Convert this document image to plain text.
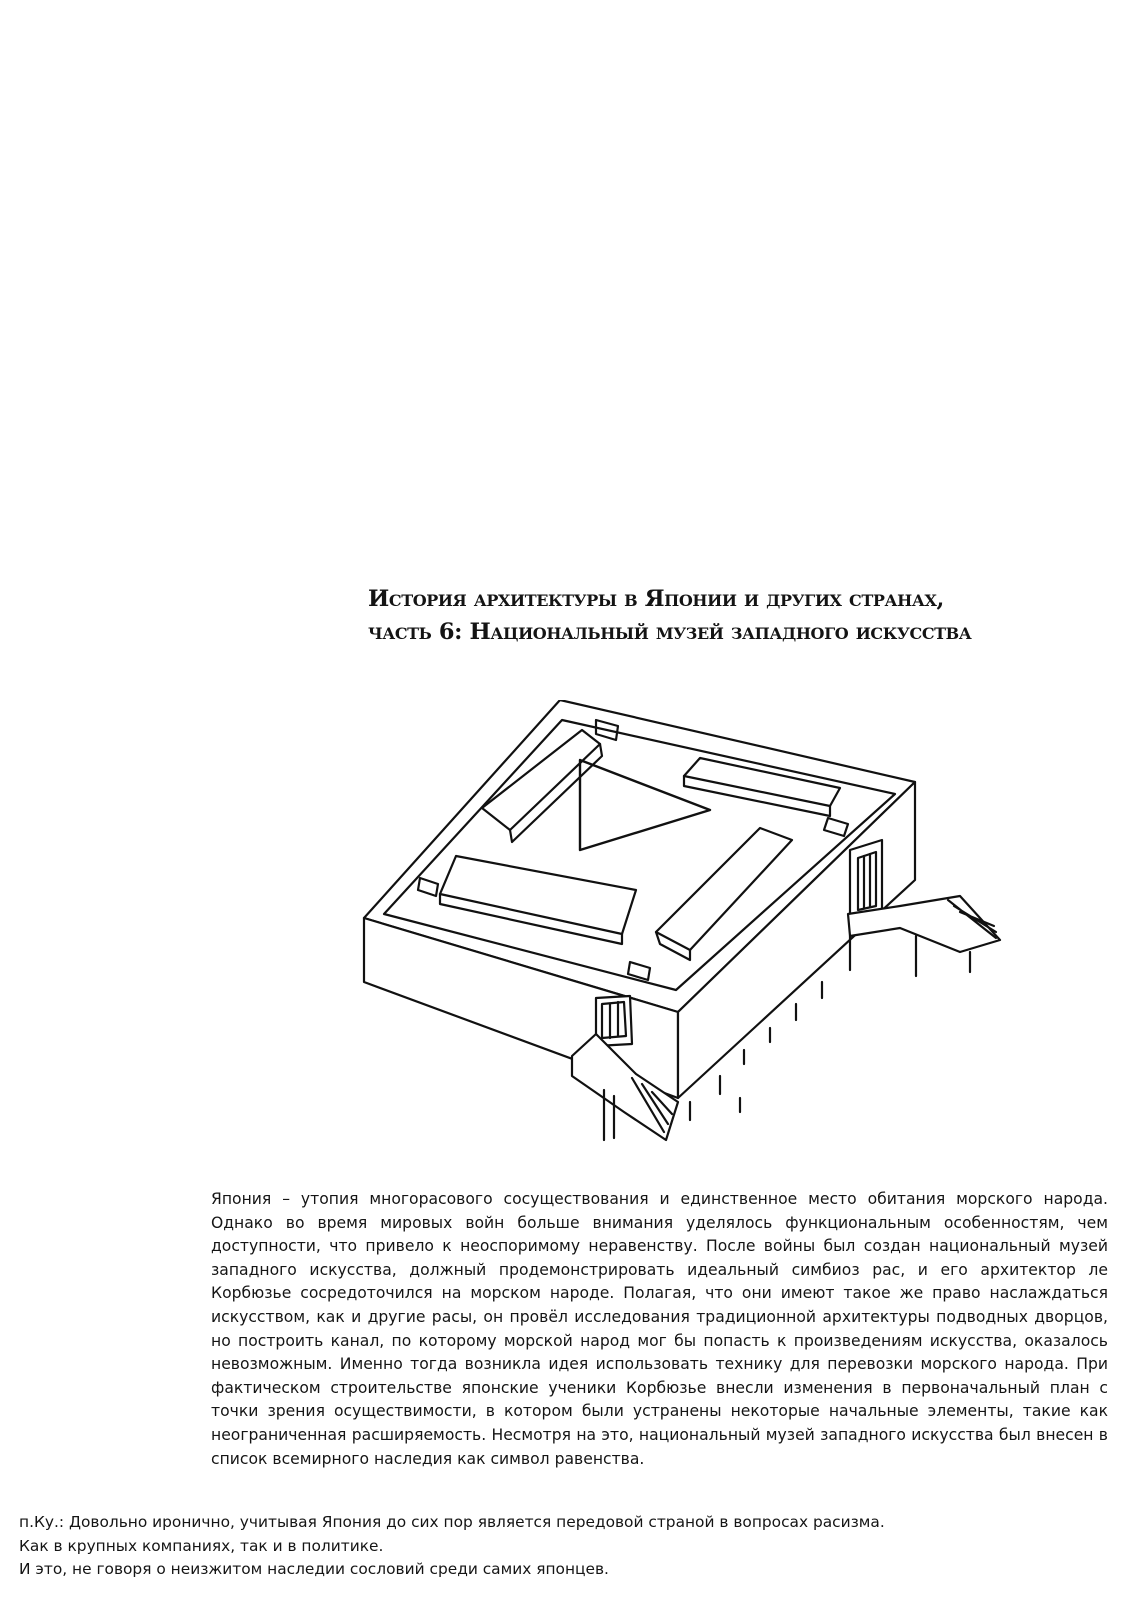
История архитектуры в Японии и других странах,
часть 6: Национальный музей западного искусства

Япония – утопия многорасового сосуществования и единственное место обитания морского народа. Однако во время мировых войн больше внимания уделялось функциональным особенностям, чем доступности, что привело к неоспоримому неравенству. После войны был создан национальный музей западного искусства, должный продемонстрировать идеальный симбиоз рас, и его архитектор ле Корбюзье сосредоточился на морском народе. Полагая, что они имеют такое же право наслаждаться искусством, как и другие расы, он провёл исследования традиционной архитектуры подводных дворцов, но построить канал, по которому морской народ мог бы попасть к произведениям искусства, оказалось невозможным. Именно тогда возникла идея использовать технику для перевозки морского народа. При фактическом строительстве японские ученики Корбюзье внесли изменения в первоначальный план с точки зрения осуществимости, в котором были устранены некоторые начальные элементы, такие как неограниченная расширяемость. Несмотря на это, национальный музей западного искусства был внесен в список всемирного наследия как символ равенства.

п.Ку.: Довольно иронично, учитывая Япония до сих пор является передовой страной в вопросах расизма.
Как в крупных компаниях, так и в политике.
И это, не говоря о неизжитом наследии сословий среди самих японцев.
